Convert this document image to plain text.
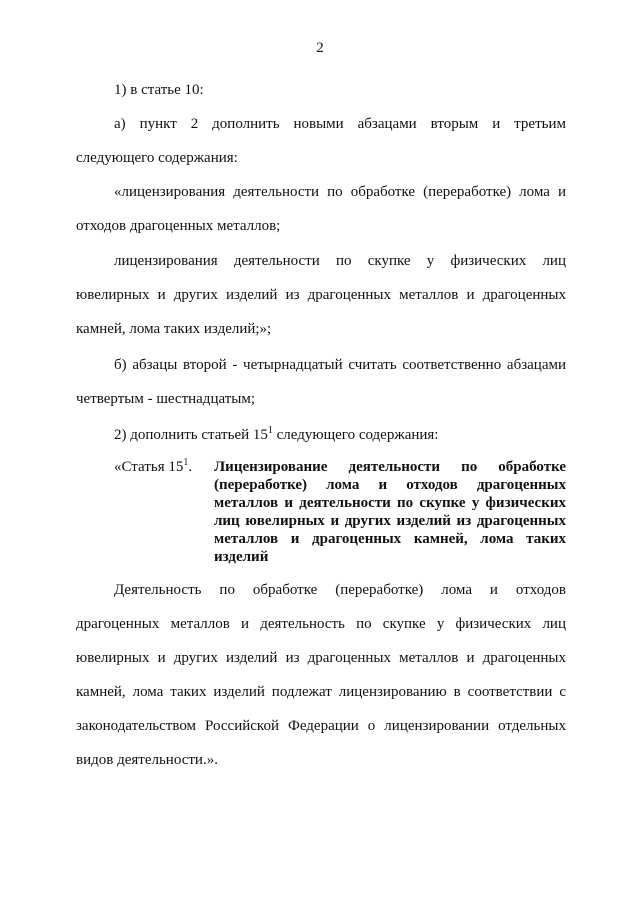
2
1) в статье 10:
а) пункт 2 дополнить новыми абзацами вторым и третьим следующего содержания:
«лицензирования деятельности по обработке (переработке) лома и отходов драгоценных металлов;
лицензирования деятельности по скупке у физических лиц ювелирных и других изделий из драгоценных металлов и драгоценных камней, лома таких изделий;»;
б) абзацы второй - четырнадцатый считать соответственно абзацами четвертым - шестнадцатым;
2) дополнить статьей $15^1$ следующего содержания:
«Статья $15^1$.	Лицензирование деятельности по обработке (переработке) лома и отходов драгоценных металлов и деятельности по скупке у физических лиц ювелирных и других изделий из драгоценных металлов и драгоценных камней, лома таких изделий
Деятельность по обработке (переработке) лома и отходов драгоценных металлов и деятельность по скупке у физических лиц ювелирных и других изделий из драгоценных металлов и драгоценных камней, лома таких изделий подлежат лицензированию в соответствии с законодательством Российской Федерации о лицензировании отдельных видов деятельности.».
